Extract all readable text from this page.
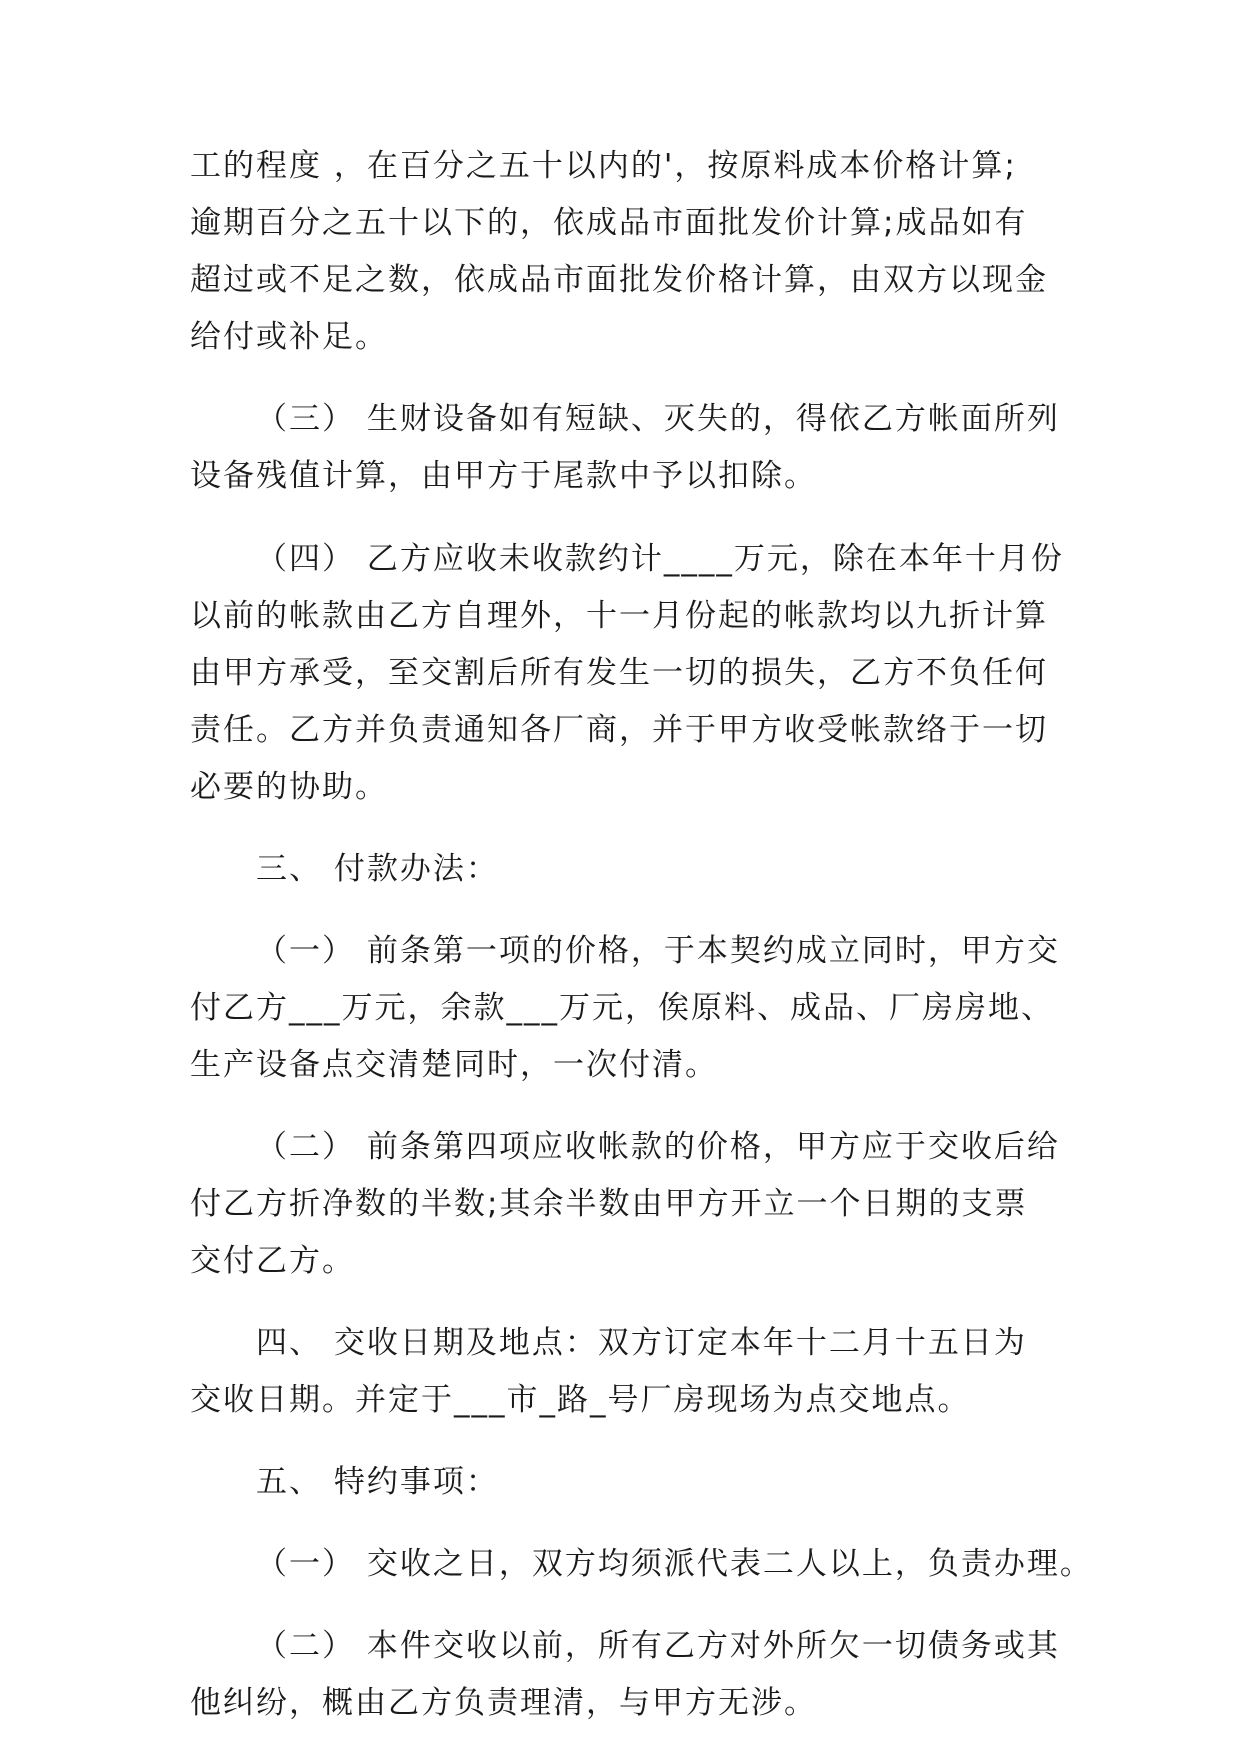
工的程度 ，在百分之五十以内的'，按原料成本价格计算;
逾期百分之五十以下的，依成品市面批发价计算;成品如有
超过或不足之数，依成品市面批发价格计算，由双方以现金
给付或补足。
（三） 生财设备如有短缺、灭失的，得依乙方帐面所列
设备残值计算，由甲方于尾款中予以扣除。
（四） 乙方应收未收款约计____万元，除在本年十月份
以前的帐款由乙方自理外，十一月份起的帐款均以九折计算
由甲方承受，至交割后所有发生一切的损失，乙方不负任何
责任。乙方并负责通知各厂商，并于甲方收受帐款络于一切
必要的协助。
三、 付款办法：
（一） 前条第一项的价格，于本契约成立同时，甲方交
付乙方___万元，余款___万元，俟原料、成品、厂房房地、
生产设备点交清楚同时，一次付清。
（二） 前条第四项应收帐款的价格，甲方应于交收后给
付乙方折净数的半数;其余半数由甲方开立一个日期的支票
交付乙方。
四、 交收日期及地点：双方订定本年十二月十五日为
交收日期。并定于___市_路_号厂房现场为点交地点。
五、 特约事项：
（一） 交收之日，双方均须派代表二人以上，负责办理。
（二） 本件交收以前，所有乙方对外所欠一切债务或其
他纠纷，概由乙方负责理清，与甲方无涉。
